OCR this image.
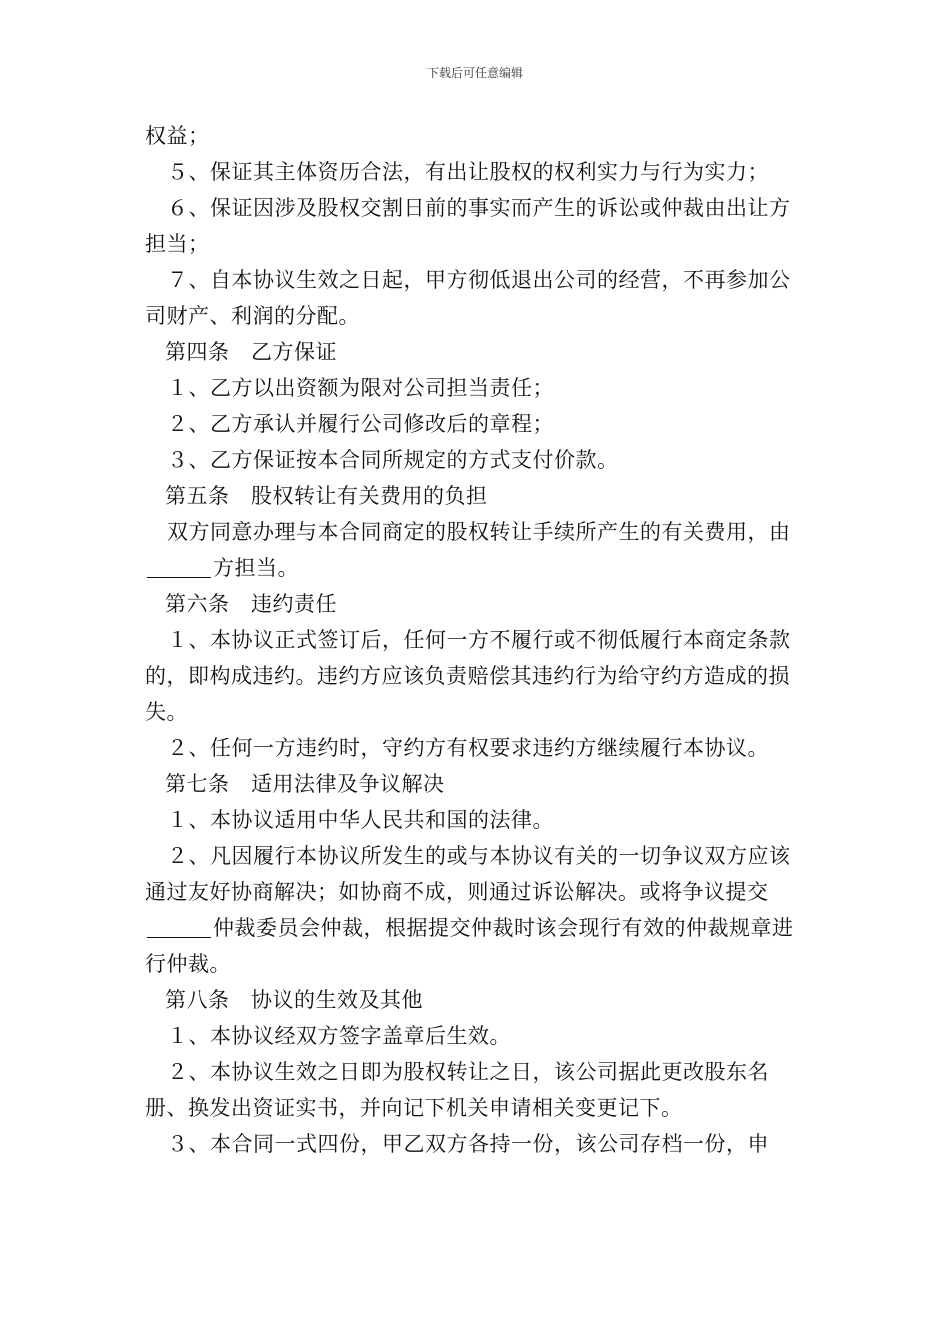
下载后可任意编辑

权益；

５、保证其主体资历合法，有出让股权的权利实力与行为实力；

６、保证因涉及股权交割日前的事实而产生的诉讼或仲裁由出让方担当；

７、自本协议生效之日起，甲方彻低退出公司的经营，不再参加公司财产、利润的分配。

第四条　乙方保证

１、乙方以出资额为限对公司担当责任；

２、乙方承认并履行公司修改后的章程；

３、乙方保证按本合同所规定的方式支付价款。

第五条　股权转让有关费用的负担

双方同意办理与本合同商定的股权转让手续所产生的有关费用，由方担当。

第六条　违约责任

１、本协议正式签订后，任何一方不履行或不彻低履行本商定条款的，即构成违约。违约方应该负责赔偿其违约行为给守约方造成的损失。

２、任何一方违约时，守约方有权要求违约方继续履行本协议。

第七条　适用法律及争议解决

１、本协议适用中华人民共和国的法律。

２、凡因履行本协议所发生的或与本协议有关的一切争议双方应该通过友好协商解决；如协商不成，则通过诉讼解决。或将争议提交仲裁委员会仲裁，根据提交仲裁时该会现行有效的仲裁规章进行仲裁。

第八条　协议的生效及其他

１、本协议经双方签字盖章后生效。

２、本协议生效之日即为股权转让之日，该公司据此更改股东名册、换发出资证实书，并向记下机关申请相关变更记下。

３、本合同一式四份，甲乙双方各持一份，该公司存档一份，申
